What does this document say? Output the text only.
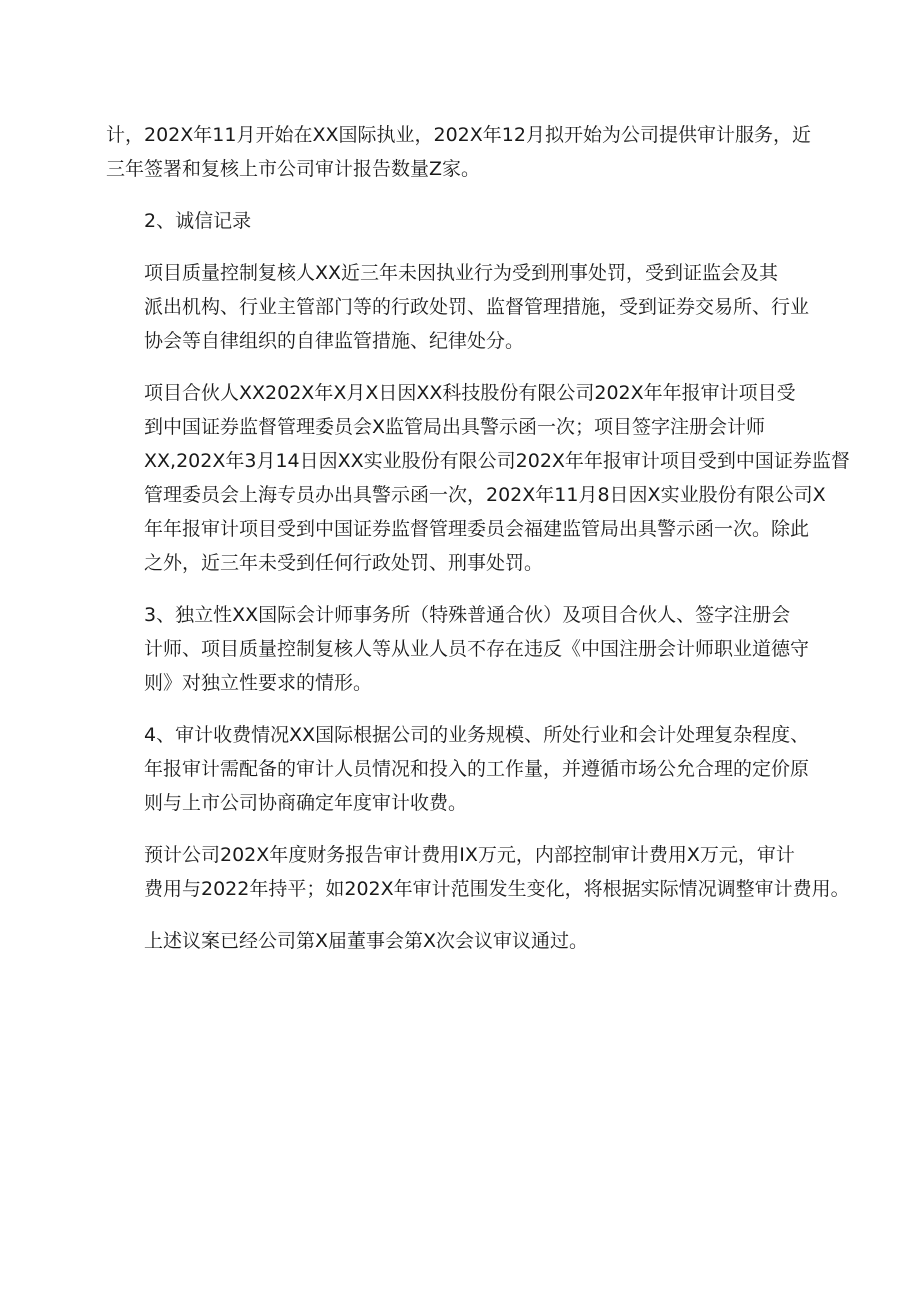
计，202X年11月开始在XX国际执业，202X年12月拟开始为公司提供审计服务，近
三年签署和复核上市公司审计报告数量Z家。

2、诚信记录

项目质量控制复核人XX近三年未因执业行为受到刑事处罚，受到证监会及其
派出机构、行业主管部门等的行政处罚、监督管理措施，受到证券交易所、行业
协会等自律组织的自律监管措施、纪律处分。

项目合伙人XX202X年X月X日因XX科技股份有限公司202X年年报审计项目受
到中国证券监督管理委员会X监管局出具警示函一次；项目签字注册会计师
XX,202X年3月14日因XX实业股份有限公司202X年年报审计项目受到中国证券监督
管理委员会上海专员办出具警示函一次，202X年11月8日因X实业股份有限公司X
年年报审计项目受到中国证券监督管理委员会福建监管局出具警示函一次。除此
之外，近三年未受到任何行政处罚、刑事处罚。

3、独立性XX国际会计师事务所（特殊普通合伙）及项目合伙人、签字注册会
计师、项目质量控制复核人等从业人员不存在违反《中国注册会计师职业道德守
则》对独立性要求的情形。

4、审计收费情况XX国际根据公司的业务规模、所处行业和会计处理复杂程度、
年报审计需配备的审计人员情况和投入的工作量，并遵循市场公允合理的定价原
则与上市公司协商确定年度审计收费。

预计公司202X年度财务报告审计费用IX万元，内部控制审计费用X万元，审计
费用与2022年持平；如202X年审计范围发生变化，将根据实际情况调整审计费用。

上述议案已经公司第X届董事会第X次会议审议通过。
